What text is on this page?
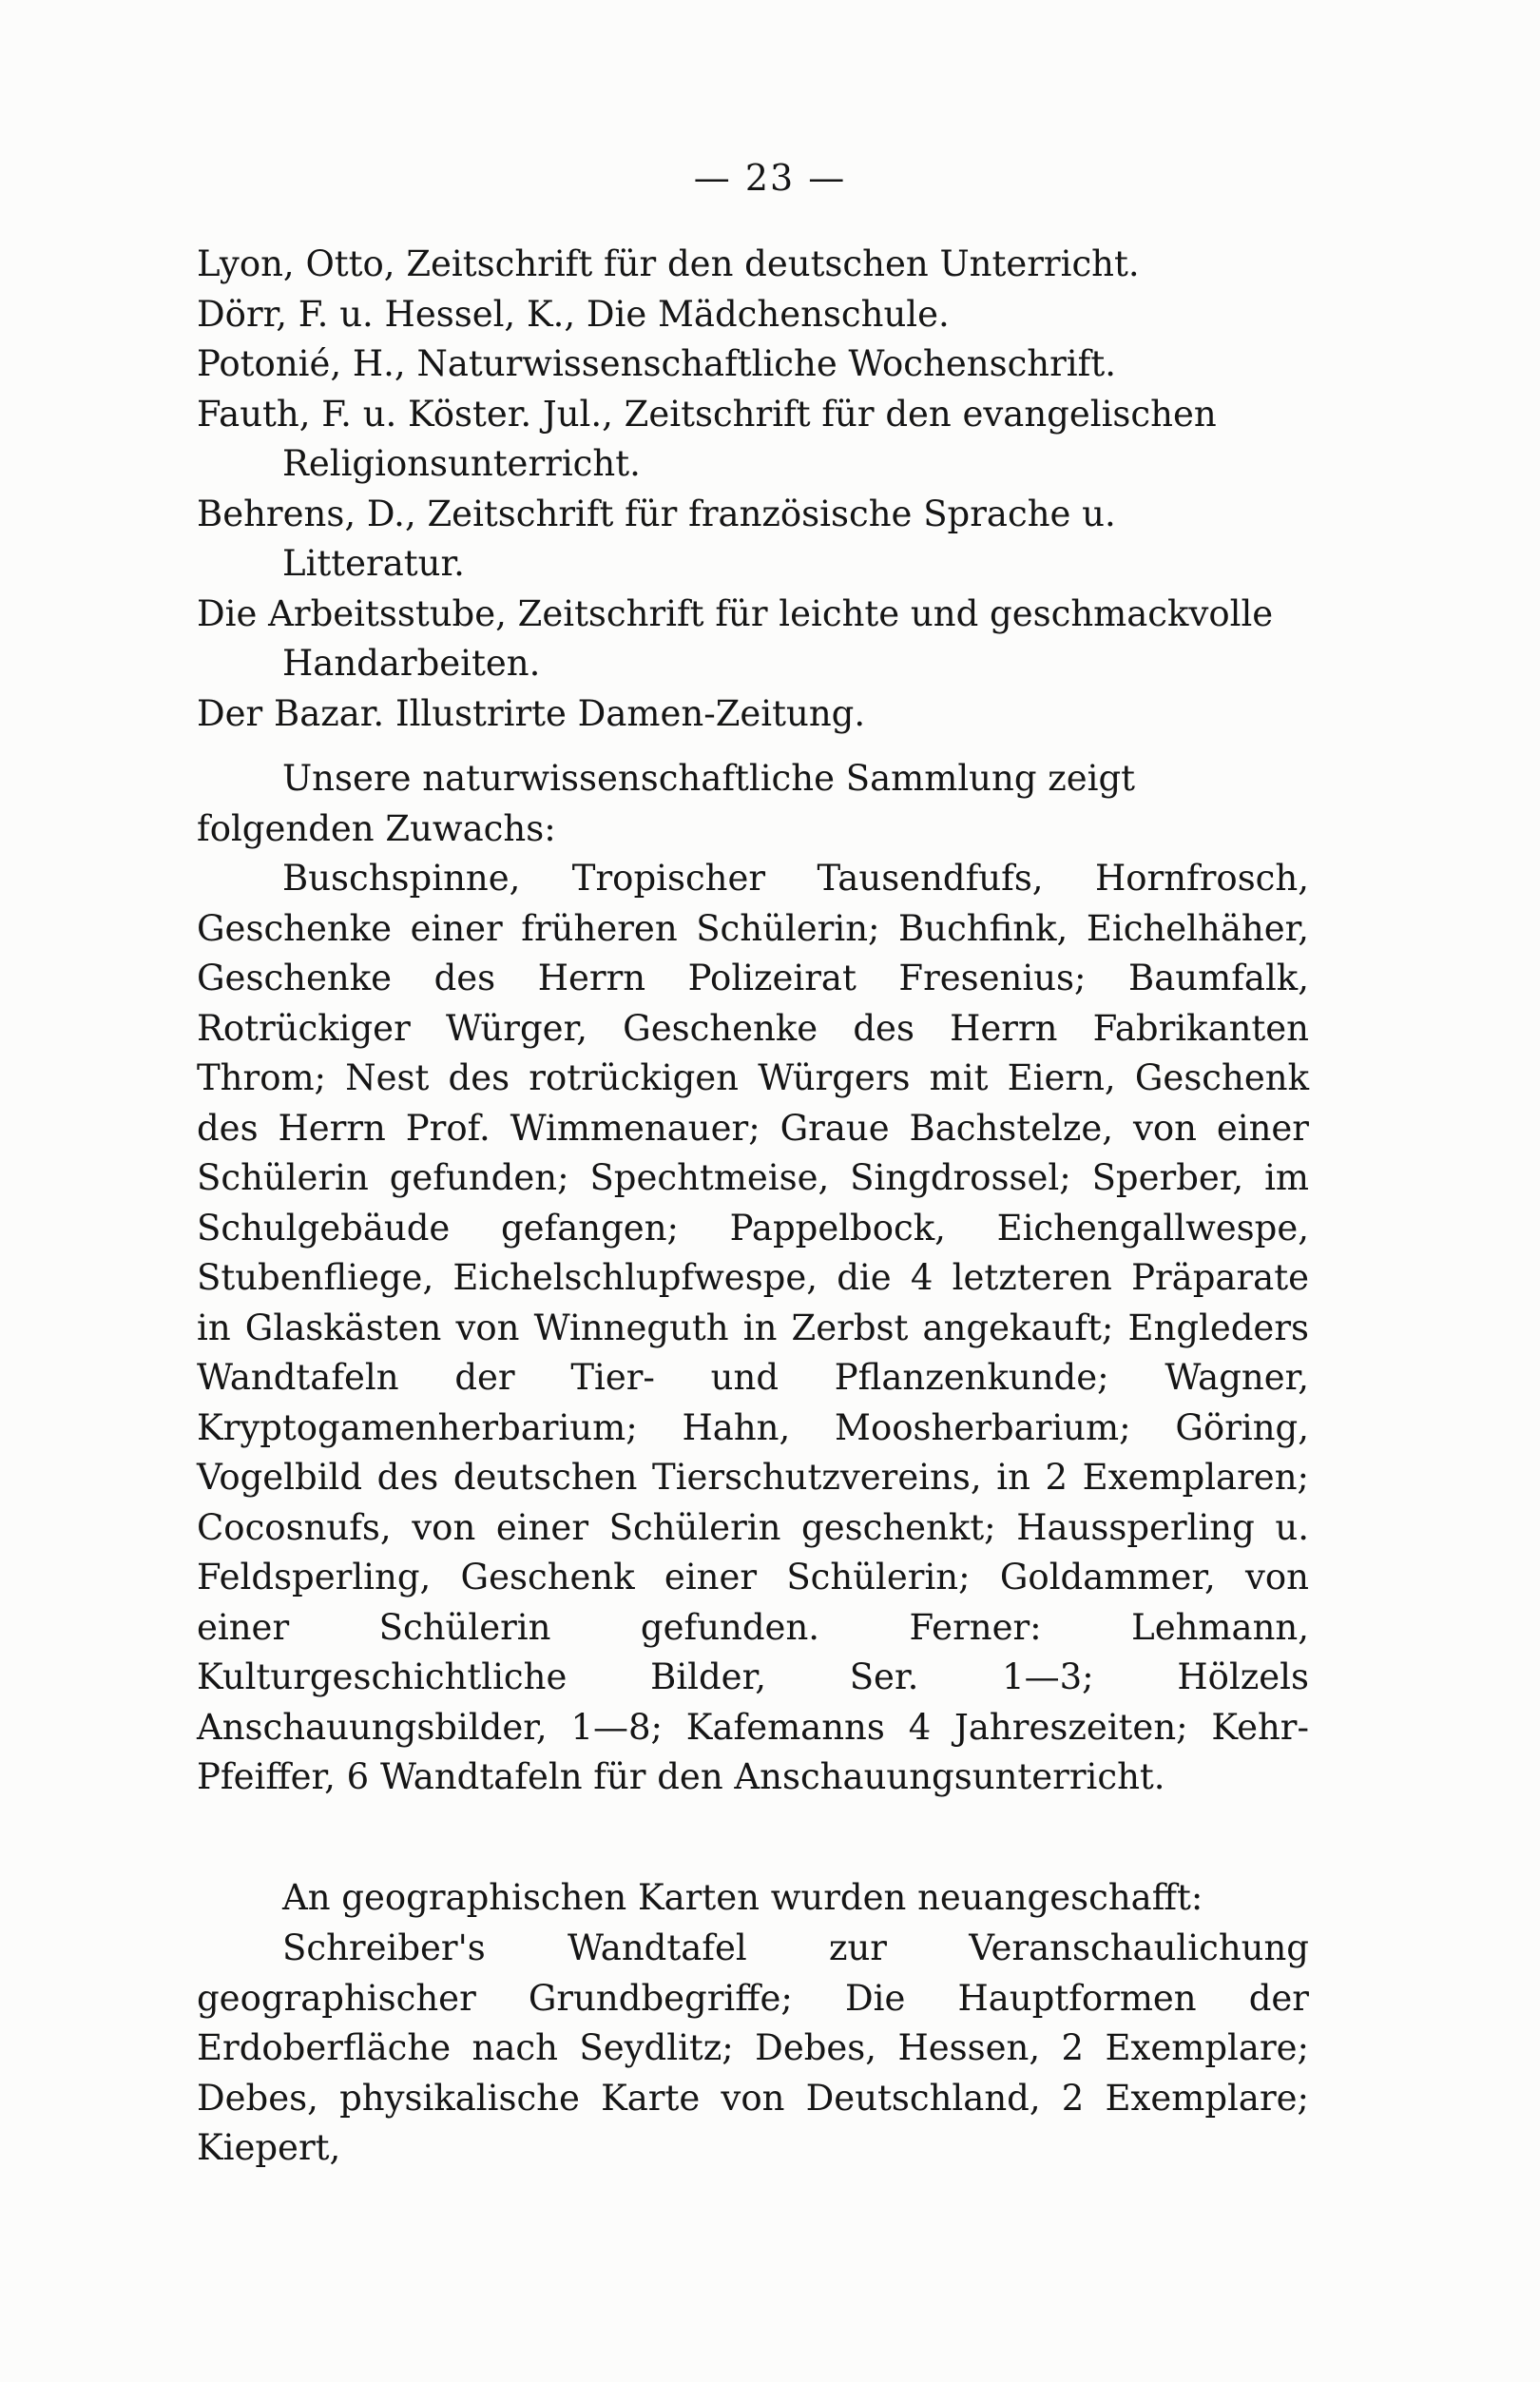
— 23 —

Lyon, Otto, Zeitschrift für den deutschen Unterricht.

Dörr, F. u. Hessel, K., Die Mädchenschule.

Potonié, H., Naturwissenschaftliche Wochenschrift.

Fauth, F. u. Köster. Jul., Zeitschrift für den evangelischen Religionsunterricht.

Behrens, D., Zeitschrift für französische Sprache u. Litteratur.

Die Arbeitsstube, Zeitschrift für leichte und geschmackvolle Handarbeiten.

Der Bazar. Illustrirte Damen-Zeitung.

Unsere naturwissenschaftliche Sammlung zeigt folgenden Zuwachs:

Buschspinne, Tropischer Tausendfufs, Hornfrosch, Geschenke einer früheren Schülerin; Buchfink, Eichelhäher, Geschenke des Herrn Polizeirat Fresenius; Baumfalk, Rotrückiger Würger, Geschenke des Herrn Fabrikanten Throm; Nest des rotrückigen Würgers mit Eiern, Geschenk des Herrn Prof. Wimmenauer; Graue Bachstelze, von einer Schülerin gefunden; Spechtmeise, Singdrossel; Sperber, im Schulgebäude gefangen; Pappelbock, Eichengallwespe, Stubenfliege, Eichelschlupfwespe, die 4 letzteren Präparate in Glaskästen von Winneguth in Zerbst angekauft; Engleders Wandtafeln der Tier- und Pflanzenkunde; Wagner, Kryptogamenherbarium; Hahn, Moosherbarium; Göring, Vogelbild des deutschen Tierschutzvereins, in 2 Exemplaren; Cocosnufs, von einer Schülerin geschenkt; Haussperling u. Feldsperling, Geschenk einer Schülerin; Goldammer, von einer Schülerin gefunden. Ferner: Lehmann, Kulturgeschichtliche Bilder, Ser. 1—3; Hölzels Anschauungsbilder, 1—8; Kafemanns 4 Jahreszeiten; Kehr-Pfeiffer, 6 Wandtafeln für den Anschauungsunterricht.

An geographischen Karten wurden neuangeschafft:

Schreiber's Wandtafel zur Veranschaulichung geographischer Grundbegriffe; Die Hauptformen der Erdoberfläche nach Seydlitz; Debes, Hessen, 2 Exemplare; Debes, physikalische Karte von Deutschland, 2 Exemplare; Kiepert,
